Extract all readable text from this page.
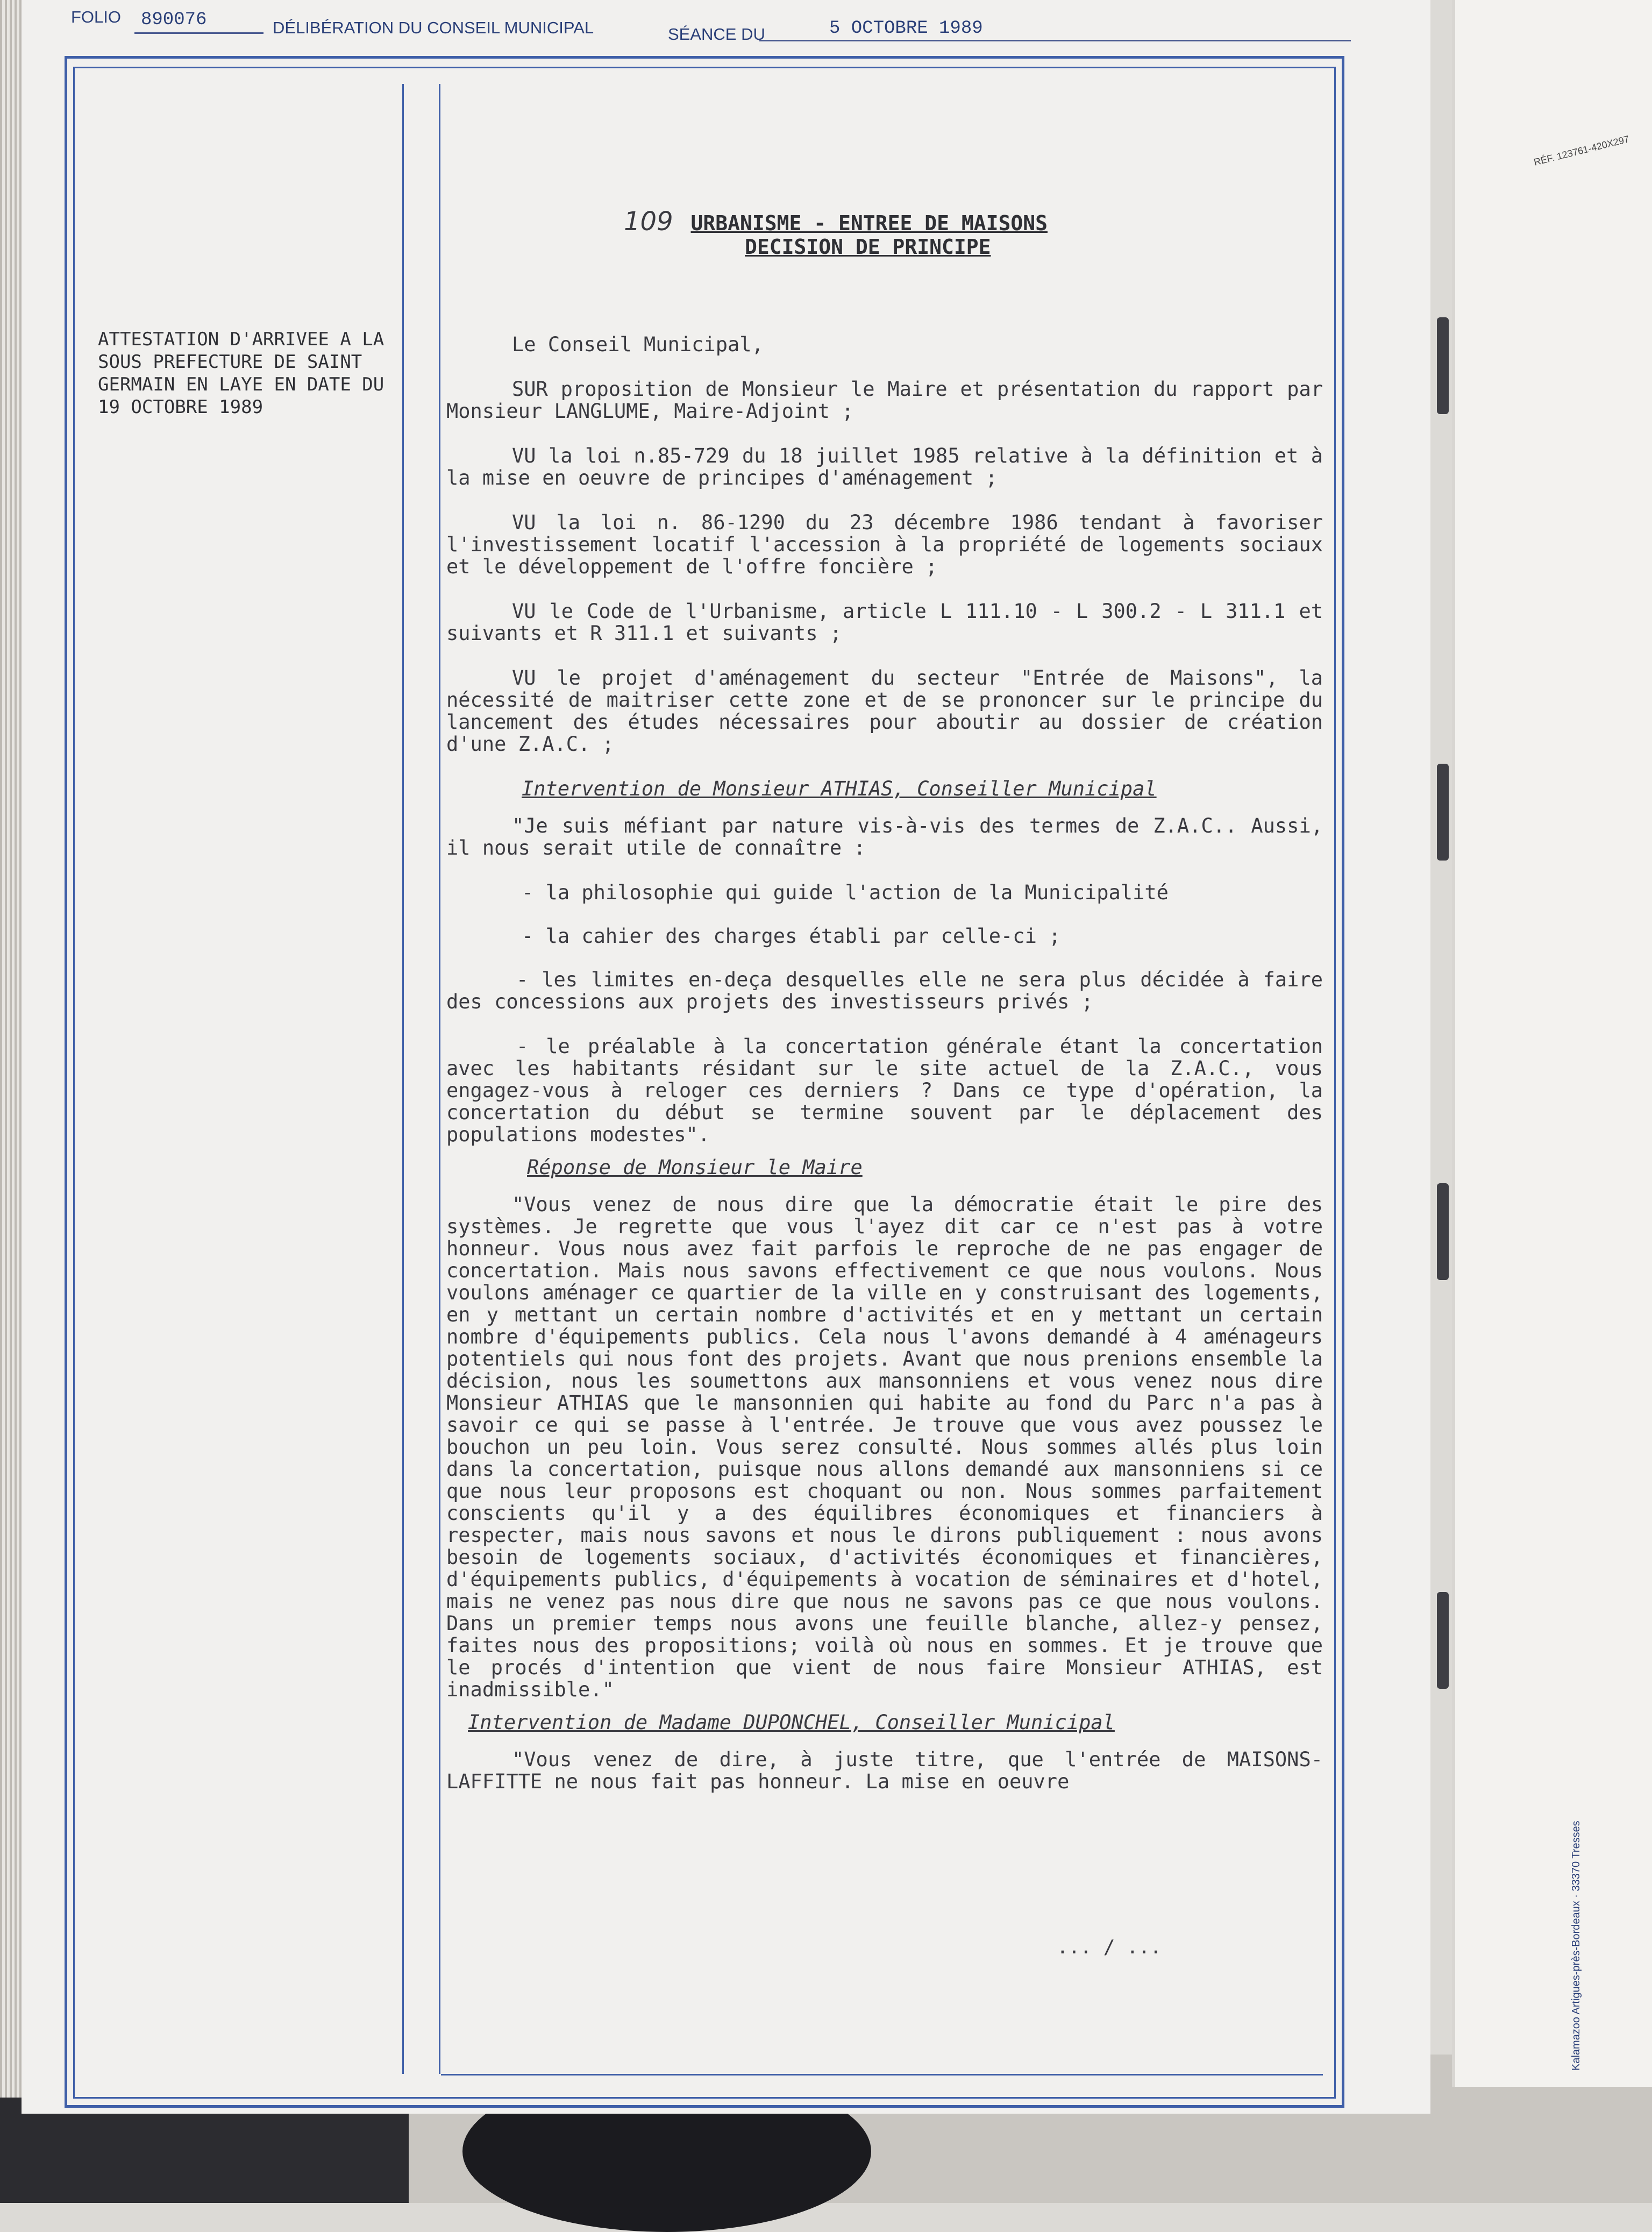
RÉF. 123761-420X297
Kalamazoo Artigues-près-Bordeaux · 33370 Tresses
FOLIO 890076	DÉLIBÉRATION DU CONSEIL MUNICIPAL	SÉANCE DU	5 OCTOBRE 1989
ATTESTATION D'ARRIVEE A LA
SOUS PREFECTURE DE SAINT
GERMAIN EN LAYE EN DATE DU
19 OCTOBRE 1989
109 URBANISME - ENTREE DE MAISONS
DECISION DE PRINCIPE

Le Conseil Municipal,

SUR proposition de Monsieur le Maire et présentation du rapport par Monsieur LANGLUME, Maire-Adjoint ;

VU la loi n.85-729 du 18 juillet 1985 relative à la définition et à la mise en oeuvre de principes d'aménagement ;

VU la loi n. 86-1290 du 23 décembre 1986 tendant à favoriser l'investissement locatif l'accession à la propriété de logements sociaux et le développement de l'offre foncière ;

VU le Code de l'Urbanisme, article L 111.10 - L 300.2 - L 311.1 et suivants et R 311.1 et suivants ;

VU le projet d'aménagement du secteur "Entrée de Maisons", la nécessité de maitriser cette zone et de se prononcer sur le principe du lancement des études nécessaires pour aboutir au dossier de création d'une Z.A.C. ;

Intervention de Monsieur ATHIAS, Conseiller Municipal

"Je suis méfiant par nature vis-à-vis des termes de Z.A.C.. Aussi, il nous serait utile de connaître :

- la philosophie qui guide l'action de la Municipalité

- la cahier des charges établi par celle-ci ;

- les limites en-deça desquelles elle ne sera plus décidée à faire des concessions aux projets des investisseurs privés ;

- le préalable à la concertation générale étant la concertation avec les habitants résidant sur le site actuel de la Z.A.C., vous engagez-vous à reloger ces derniers ? Dans ce type d'opération, la concertation du début se termine souvent par le déplacement des populations modestes".

Réponse de Monsieur le Maire

"Vous venez de nous dire que la démocratie était le pire des systèmes. Je regrette que vous l'ayez dit car ce n'est pas à votre honneur. Vous nous avez fait parfois le reproche de ne pas engager de concertation. Mais nous savons effectivement ce que nous voulons. Nous voulons aménager ce quartier de la ville en y construisant des logements, en y mettant un certain nombre d'activités et en y mettant un certain nombre d'équipements publics. Cela nous l'avons demandé à 4 aménageurs potentiels qui nous font des projets. Avant que nous prenions ensemble la décision, nous les soumettons aux mansonniens et vous venez nous dire Monsieur ATHIAS que le mansonnien qui habite au fond du Parc n'a pas à savoir ce qui se passe à l'entrée. Je trouve que vous avez poussez le bouchon un peu loin. Vous serez consulté. Nous sommes allés plus loin dans la concertation, puisque nous allons demandé aux mansonniens si ce que nous leur proposons est choquant ou non. Nous sommes parfaitement conscients qu'il y a des équilibres économiques et financiers à respecter, mais nous savons et nous le dirons publiquement : nous avons besoin de logements sociaux, d'activités économiques et financières, d'équipements publics, d'équipements à vocation de séminaires et d'hotel, mais ne venez pas nous dire que nous ne savons pas ce que nous voulons. Dans un premier temps nous avons une feuille blanche, allez-y pensez, faites nous des propositions; voilà où nous en sommes. Et je trouve que le procés d'intention que vient de nous faire Monsieur ATHIAS, est inadmissible."

Intervention de Madame DUPONCHEL, Conseiller Municipal

"Vous venez de dire, à juste titre, que l'entrée de MAISONS-LAFFITTE ne nous fait pas honneur. La mise en oeuvre

... / ...
